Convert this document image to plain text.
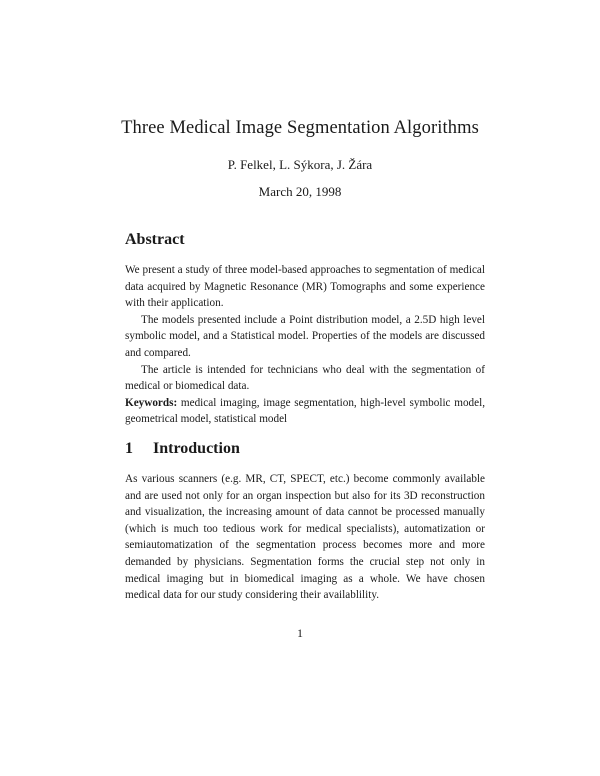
Three Medical Image Segmentation Algorithms
P. Felkel, L. Sýkora, J. Žára
March 20, 1998
Abstract

We present a study of three model-based approaches to segmentation of medical data acquired by Magnetic Resonance (MR) Tomographs and some experience with their application.

The models presented include a Point distribution model, a 2.5D high level symbolic model, and a Statistical model. Properties of the models are discussed and compared.

The article is intended for technicians who deal with the segmentation of medical or biomedical data.

Keywords: medical imaging, image segmentation, high-level symbolic model, geometrical model, statistical model

1 Introduction

As various scanners (e.g. MR, CT, SPECT, etc.) become commonly available and are used not only for an organ inspection but also for its 3D reconstruction and visualization, the increasing amount of data cannot be processed manually (which is much too tedious work for medical specialists), automatization or semiautomatization of the segmentation process becomes more and more demanded by physicians. Segmentation forms the crucial step not only in medical imaging but in biomedical imaging as a whole. We have chosen medical data for our study considering their availablility.

1
